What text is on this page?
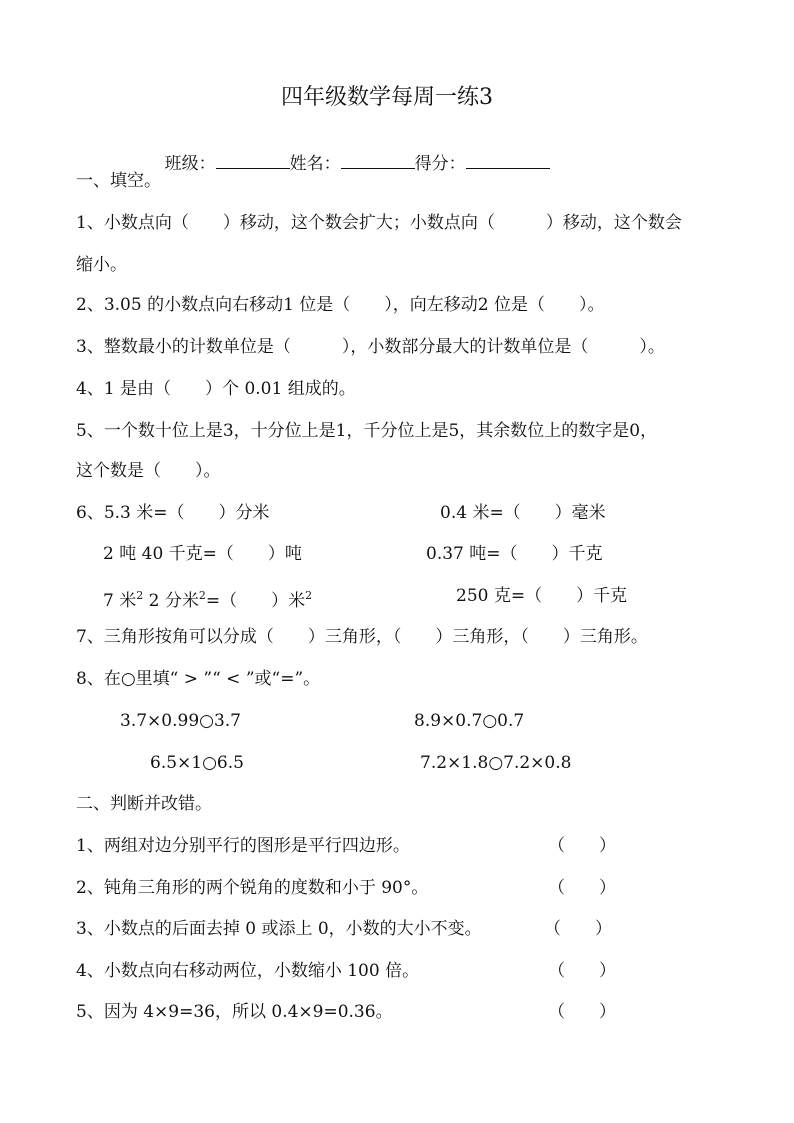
四年级数学每周一练3

班级：	姓名：	得分：

一、填空。
1、小数点向（　　）移动，这个数会扩大；小数点向（　　　）移动，这个数会
缩小。
2、3.05 的小数点向右移动1 位是（　　），向左移动2 位是（　　）。
3、整数最小的计数单位是（　　　），小数部分最大的计数单位是（　　　）。
4、1 是由（　　）个 0.01 组成的。
5、一个数十位上是3，十分位上是1，千分位上是5，其余数位上的数字是0，
这个数是（　　）。
6、5.3 米=（　　）分米	0.4 米=（　　）毫米
2 吨 40 千克=（　　）吨	0.37 吨=（　　）千克
7 米$^2$ 2 分米$^2$=（　　）米$^2$	250 克=（　　）千克
7、三角形按角可以分成（　　）三角形，（　　）三角形，（　　）三角形。
8、在○里填“ > ”“ < ”或“=”。
3.7×0.99○3.7	8.9×0.7○0.7
6.5×1○6.5	7.2×1.8○7.2×0.8
二、判断并改错。
1、两组对边分别平行的图形是平行四边形。	（　　）
2、钝角三角形的两个锐角的度数和小于 90°。	（　　）
3、小数点的后面去掉 0 或添上 0，小数的大小不变。	（　　）
4、小数点向右移动两位，小数缩小 100 倍。	（　　）
5、因为 4×9=36，所以 0.4×9=0.36。	（　　）
